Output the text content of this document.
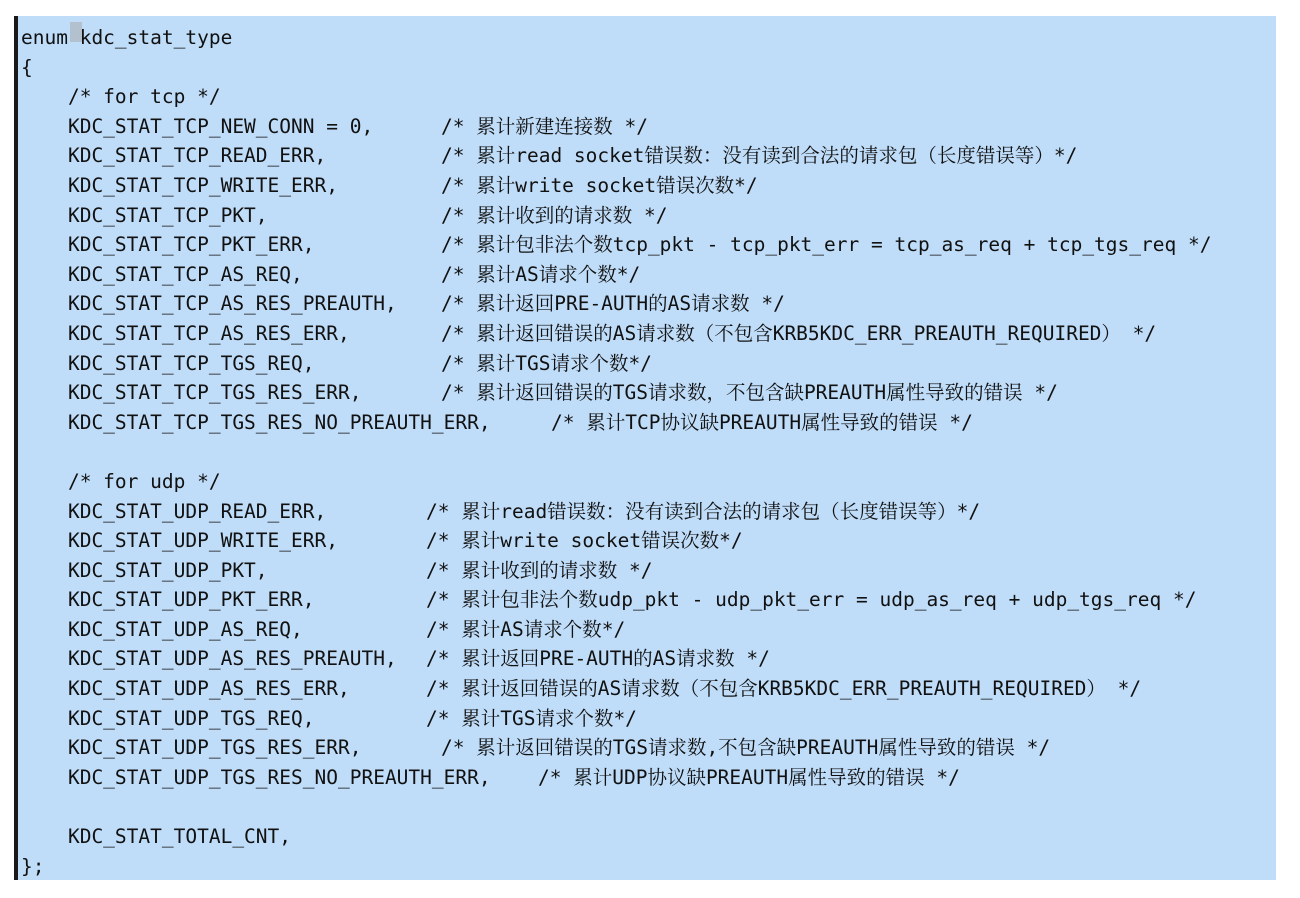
enum kdc_stat_type
{
/* for tcp */
KDC_STAT_TCP_NEW_CONN = 0,	/* 累计新建连接数 */
KDC_STAT_TCP_READ_ERR,	/* 累计read socket错误数：没有读到合法的请求包（长度错误等）*/
KDC_STAT_TCP_WRITE_ERR,	/* 累计write socket错误次数*/
KDC_STAT_TCP_PKT,	/* 累计收到的请求数 */
KDC_STAT_TCP_PKT_ERR,	/* 累计包非法个数tcp_pkt - tcp_pkt_err = tcp_as_req + tcp_tgs_req */
KDC_STAT_TCP_AS_REQ,	/* 累计AS请求个数*/
KDC_STAT_TCP_AS_RES_PREAUTH, /* 累计返回PRE-AUTH的AS请求数 */
KDC_STAT_TCP_AS_RES_ERR,	/* 累计返回错误的AS请求数（不包含KRB5KDC_ERR_PREAUTH_REQUIRED） */
KDC_STAT_TCP_TGS_REQ,	/* 累计TGS请求个数*/
KDC_STAT_TCP_TGS_RES_ERR,	/* 累计返回错误的TGS请求数，不包含缺PREAUTH属性导致的错误 */
KDC_STAT_TCP_TGS_RES_NO_PREAUTH_ERR,	/* 累计TCP协议缺PREAUTH属性导致的错误 */
/* for udp */
KDC_STAT_UDP_READ_ERR,	/* 累计read错误数：没有读到合法的请求包（长度错误等）*/
KDC_STAT_UDP_WRITE_ERR,	/* 累计write socket错误次数*/
KDC_STAT_UDP_PKT,	/* 累计收到的请求数 */
KDC_STAT_UDP_PKT_ERR,	/* 累计包非法个数udp_pkt - udp_pkt_err = udp_as_req + udp_tgs_req */
KDC_STAT_UDP_AS_REQ,	/* 累计AS请求个数*/
KDC_STAT_UDP_AS_RES_PREAUTH, /* 累计返回PRE-AUTH的AS请求数 */
KDC_STAT_UDP_AS_RES_ERR,	/* 累计返回错误的AS请求数（不包含KRB5KDC_ERR_PREAUTH_REQUIRED） */
KDC_STAT_UDP_TGS_REQ,	/* 累计TGS请求个数*/
KDC_STAT_UDP_TGS_RES_ERR,	/* 累计返回错误的TGS请求数,不包含缺PREAUTH属性导致的错误 */
KDC_STAT_UDP_TGS_RES_NO_PREAUTH_ERR, /* 累计UDP协议缺PREAUTH属性导致的错误 */
KDC_STAT_TOTAL_CNT,
};
